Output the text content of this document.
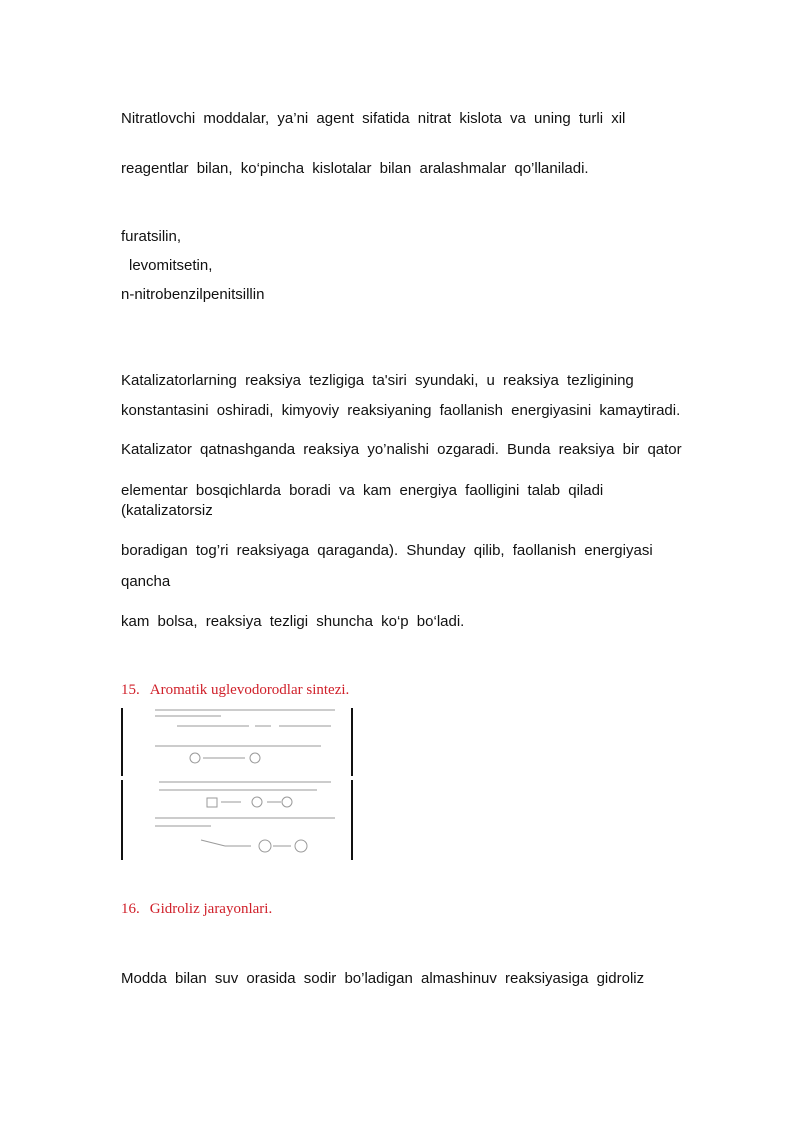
Nitratlovchi moddalar, ya’ni agent sifatida nitrat kislota va uning turli xil
reagentlar bilan, ko‘pincha kislotalar bilan aralashmalar qo’llaniladi.
furatsilin,
levomitsetin,
n-nitrobenzilpenitsillin
Katalizatorlarning reaksiya tezligiga ta'siri syundaki, u reaksiya tezligining
konstantasini oshiradi, kimyoviy reaksiyaning faollanish energiyasini kamaytiradi.
Katalizator qatnashganda reaksiya yo’nalishi ozgaradi. Bunda reaksiya bir qator
elementar bosqichlarda boradi va kam energiya faolligini talab qiladi
(katalizatorsiz
boradigan tog’ri reaksiyaga qaraganda). Shunday qilib, faollanish energiyasi
qancha
kam bolsa, reaksiya tezligi shuncha ko‘p bo‘ladi.
15. Aromatik uglevodorodlar sintezi.
16. Gidroliz jarayonlari.
Modda bilan suv orasida sodir bo’ladigan almashinuv reaksiyasiga gidroliz
